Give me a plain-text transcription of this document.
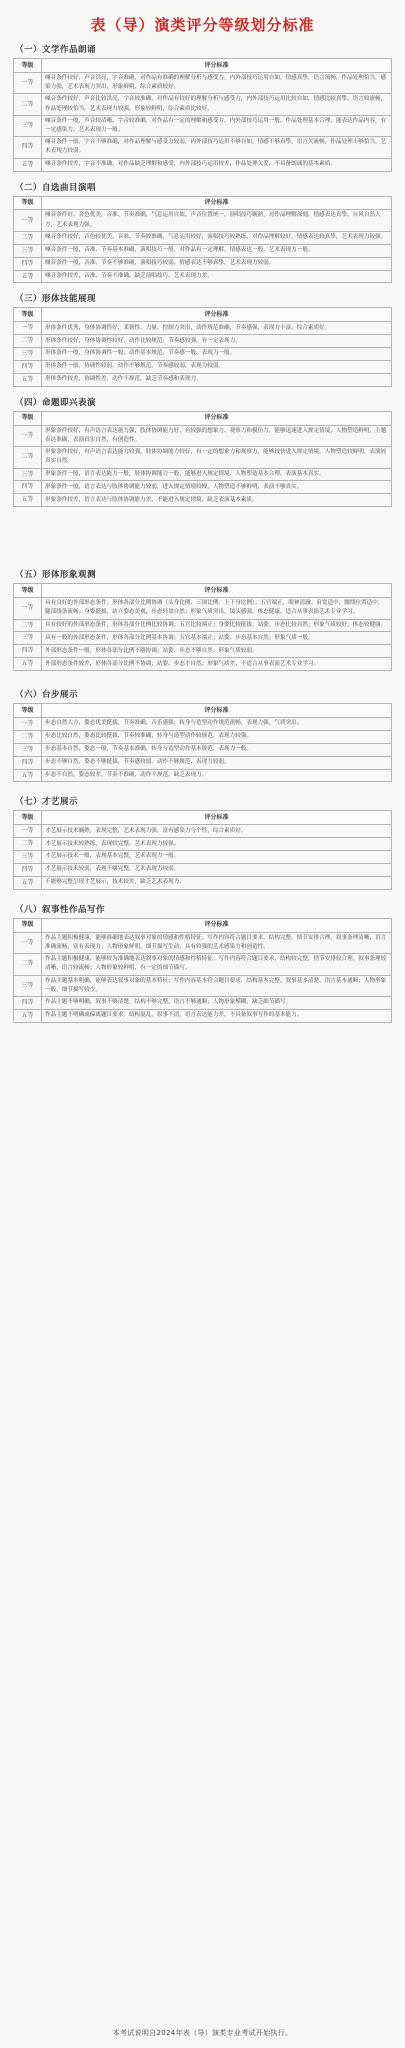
表（导）演类评分等级划分标准
（一）文学作品朗诵
等级	评分标准
一等	嗓音条件较好，声音洪亮，字音准确，对作品有准确的理解分析与感受力，内外部技巧运用自如，情感真挚，语言流畅，作品处理恰当，感染力强，艺术表现力突出，形象鲜明，综合素质较好。
二等	嗓音条件较好，声音比较洪亮，字音较准确，对作品有较好的理解分析与感受力，内外部技巧运用比较自如，情感比较真挚，语言较流畅，作品处理较恰当，艺术表现力较强，形象较鲜明，综合素质比较好。
三等	嗓音条件一般，声音较清晰，字音较准确，对作品有一定的理解和感受力，内外部技巧运用一般，作品处理基本合理，能表达作品内容，有一定感染力，艺术表现力一般。
四等	嗓音条件一般，字音不够准确，对作品理解与感受力较弱，内外部技巧运用不够自如，情感不够真挚，语言欠流畅，作品处理不够恰当，艺术表现力较弱。
五等	嗓音条件较差，字音不准确，对作品缺乏理解和感受，内外部技巧运用较差，作品处理欠妥，不具备朗诵的基本素质。
（二）自选曲目演唱
等级	评分标准
一等	嗓音条件好，音色优美，音准、节奏准确，气息运用自如，声音位置统一，演唱技巧娴熟，对作品理解深刻，情感表达真挚，台风自然大方，艺术表现力强。
二等	嗓音条件较好，音色较优美，音准、节奏较准确，气息运用较好，演唱技巧较熟练，对作品理解较好，情感表达较真挚，艺术表现力较强。
三等	嗓音条件一般，音准、节奏基本准确，演唱技巧一般，对作品有一定理解，情感表达一般，艺术表现力一般。
四等	嗓音条件一般，音准、节奏不够准确，演唱技巧较弱，情感表达不够真挚，艺术表现力较弱。
五等	嗓音条件较差，音准、节奏不准确，缺乏演唱技巧，艺术表现力差。
（三）形体技能展现
等级	评分标准
一等	形体条件优秀，身体协调性好，柔韧性、力量、控制力突出，动作规范准确，节奏感强，表现力丰富，综合素质好。
二等	形体条件较好，身体协调性较好，动作比较规范，节奏感较强，有一定表现力。
三等	形体条件一般，身体协调性一般，动作基本规范，节奏感一般，表现力一般。
四等	形体条件一般，协调性较弱，动作不够规范，节奏感较弱，表现力较弱。
五等	形体条件较差，协调性差，动作不规范，缺乏节奏感和表现力。
（四）命题即兴表演
等级	评分标准
一等	形象条件较好，有声语言表达能力强，肢体协调能力好，有较强的想象力、观察力和模仿力，能够迅速进入规定情境，人物塑造鲜明，主题表达准确，表演真实自然，有创造性。
二等	形象条件较好，有声语言表达能力较强，肢体协调能力较好，有一定的想象力和观察力，能够较快进入规定情境，人物塑造较鲜明，表演较真实自然。
三等	形象条件一般，语言表达能力一般，肢体协调能力一般，能够进入规定情境，人物塑造基本合理，表演基本真实。
四等	形象条件一般，语言表达与肢体协调能力较弱，进入规定情境较慢，人物塑造不够鲜明，表演不够真实。
五等	形象条件较差，语言表达与肢体协调能力差，不能进入规定情境，缺乏表演基本素质。
（五）形体形象观测
等级	评分标准
一等	具有良好的外部形态条件，形体各部分比例协调（头身比例、三围比例、上下身比例）；五官端正，眼神清澈；肩宽适中，腰线位置适中，腿部线条流畅；身姿挺拔，站立姿态美观，步态轻盈自然；形象气质突出，镜头感强，体态健康，适合从事表演艺术专业学习。
二等	具有较好的外部形态条件，形体各部分比例比较协调；五官比较端正；身姿比较挺拔，站姿、步态比较自然；形象气质较好，体态较健康。
三等	具有一般的外部形态条件，形体各部分比例基本协调；五官基本端正；站姿、步态基本自然；形象气质一般。
四等	外部形态条件一般，形体各部分比例不够协调；站姿、步态不够自然；形象气质较弱。
五等	外部形态条件较差，形体各部分比例不协调；站姿、步态不自然；形象气质差，不适合从事表演艺术专业学习。
（六）台步展示
等级	评分标准
一等	步态自然大方，姿态优美挺拔，节奏准确，音乐感强，转身与造型动作规范流畅，表现力强，气质突出。
二等	步态比较自然，姿态比较挺拔，节奏较准确，转身与造型动作较规范，表现力较强。
三等	步态基本自然，姿态一般，节奏基本准确，转身与造型动作基本规范，表现力一般。
四等	步态不够自然，姿态不够挺拔，节奏感较弱，动作不够规范，表现力较弱。
五等	步态不自然，姿态较差，节奏不准确，动作不规范，缺乏表现力。
（七）才艺展示
等级	评分标准
一等	才艺展示技术娴熟，表现完整，艺术表现力强，富有感染力与个性，综合素质好。
二等	才艺展示技术较熟练，表现较完整，艺术表现力较强。
三等	才艺展示技术一般，表现基本完整，艺术表现力一般。
四等	才艺展示技术较弱，表现不够完整，艺术表现力较弱。
五等	不能够完整呈现才艺展示，技术较差，缺乏艺术表现力。
（八）叙事性作品写作
等级	评分标准
一等	作品主题积极健康，能够准确地表达叙事对象的情感和性格特征；写作内容符合题目要求，结构完整，情节安排合理，叙事条理清晰，语言准确流畅，富有表现力；人物形象鲜明，细节描写生动，具有较强的艺术感染力和创造性。
二等	作品主题积极健康，能够较为准确地表达叙事对象的情感和性格特征；写作内容符合题目要求，结构较完整，情节安排较合理，叙事条理较清晰，语言较流畅；人物形象较鲜明，有一定的细节描写。
三等	作品主题基本明确，能够表达叙事对象的基本特征；写作内容基本符合题目要求，结构基本完整，叙事基本清楚，语言基本通顺；人物形象一般，细节描写较少。
四等	作品主题不够明确，叙事不够清楚，结构不够完整，语言不够通顺；人物形象模糊，缺乏细节描写。
五等	作品主题不明确或偏离题目要求，结构混乱，叙事不清，语言表达能力差，不具备叙事写作的基本能力。
本考试说明自2024年表（导）演类专业考试开始执行。
